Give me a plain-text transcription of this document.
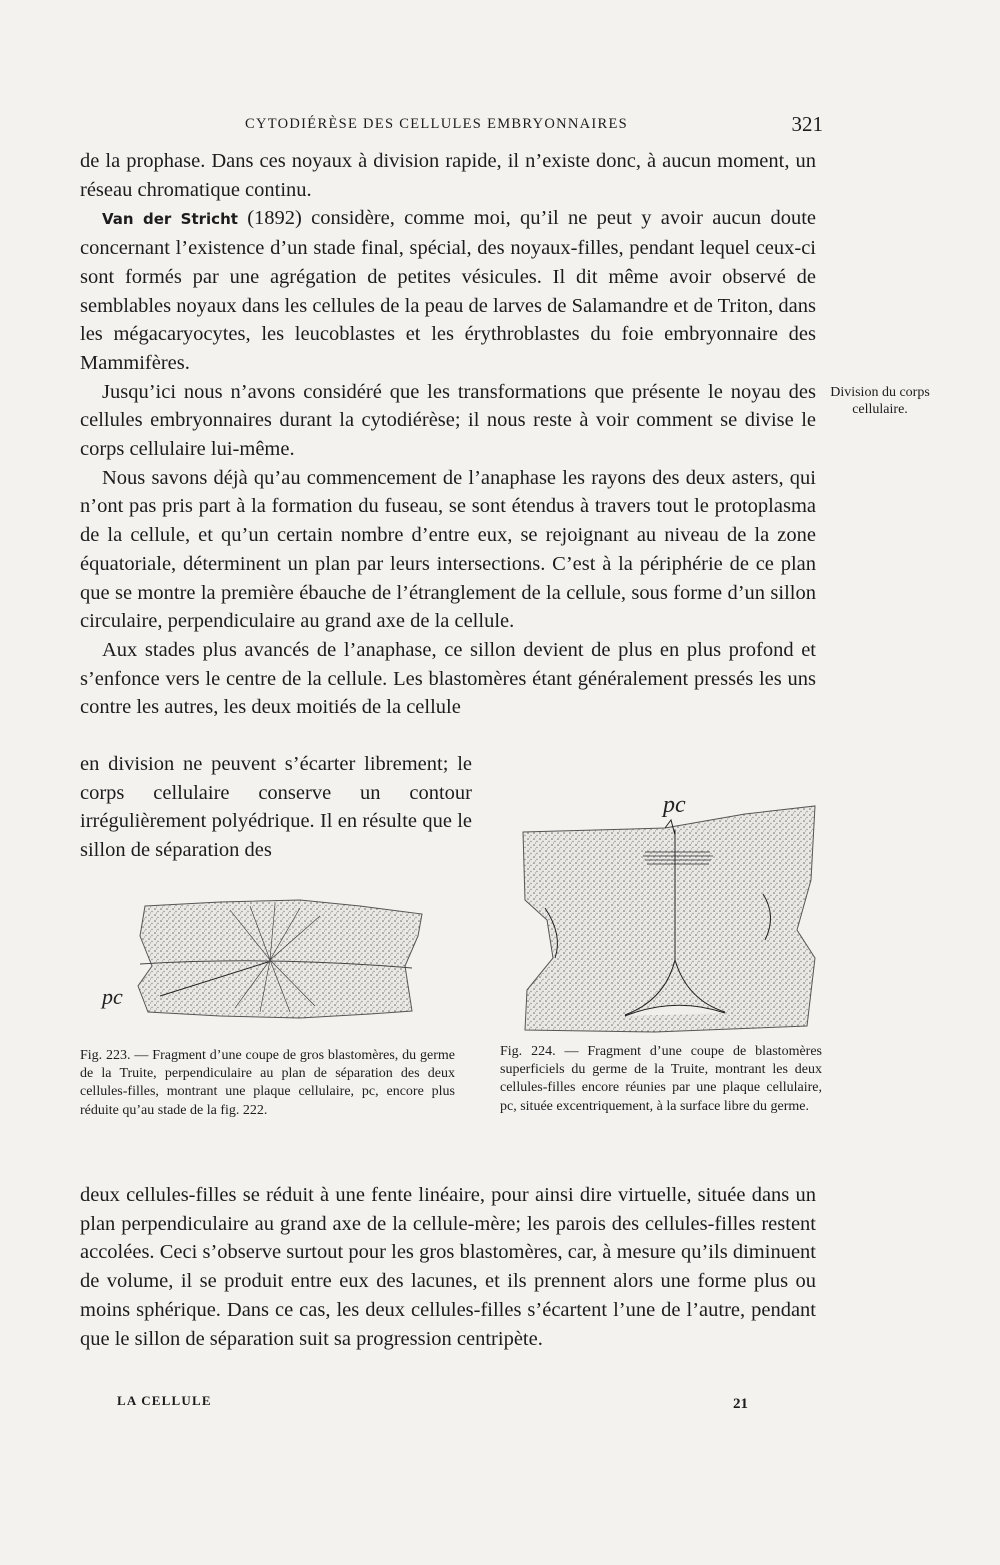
CYTODIÉRÈSE DES CELLULES EMBRYONNAIRES	321

de la prophase. Dans ces noyaux à division rapide, il n’existe donc, à aucun moment, un réseau chromatique continu.

Van der Stricht (1892) considère, comme moi, qu’il ne peut y avoir aucun doute concernant l’existence d’un stade final, spécial, des noyaux-filles, pendant lequel ceux-ci sont formés par une agrégation de petites vésicules. Il dit même avoir observé de semblables noyaux dans les cellules de la peau de larves de Salamandre et de Triton, dans les mégacaryocytes, les leucoblastes et les érythroblastes du foie embryonnaire des Mammifères.

Jusqu’ici nous n’avons considéré que les transformations que présente le noyau des cellules embryonnaires durant la cytodiérèse; il nous reste à voir comment se divise le corps cellulaire lui-même.

Nous savons déjà qu’au commencement de l’anaphase les rayons des deux asters, qui n’ont pas pris part à la formation du fuseau, se sont étendus à travers tout le protoplasma de la cellule, et qu’un certain nombre d’entre eux, se rejoignant au niveau de la zone équatoriale, déterminent un plan par leurs intersections. C’est à la périphérie de ce plan que se montre la première ébauche de l’étranglement de la cellule, sous forme d’un sillon circulaire, perpendiculaire au grand axe de la cellule.

Aux stades plus avancés de l’anaphase, ce sillon devient de plus en plus profond et s’enfonce vers le centre de la cellule. Les blastomères étant généralement pressés les uns contre les autres, les deux moitiés de la cellule

Division du corps cellulaire.

en division ne peuvent s’écarter librement; le corps cellulaire conserve un contour irrégulièrement polyédrique. Il en résulte que le sillon de séparation des

pc
pc
Fig. 223. — Fragment d’une coupe de gros blastomères, du germe de la Truite, perpendiculaire au plan de séparation des deux cellules-filles, montrant une plaque cellulaire, pc, encore plus réduite qu’au stade de la fig. 222.
Fig. 224. — Fragment d’une coupe de blastomères superficiels du germe de la Truite, montrant les deux cellules-filles encore réunies par une plaque cellulaire, pc, située excentriquement, à la surface libre du germe.

deux cellules-filles se réduit à une fente linéaire, pour ainsi dire virtuelle, située dans un plan perpendiculaire au grand axe de la cellule-mère; les parois des cellules-filles restent accolées. Ceci s’observe surtout pour les gros blastomères, car, à mesure qu’ils diminuent de volume, il se produit entre eux des lacunes, et ils prennent alors une forme plus ou moins sphérique. Dans ce cas, les deux cellules-filles s’écartent l’une de l’autre, pendant que le sillon de séparation suit sa progression centripète.

LA CELLULE	21
